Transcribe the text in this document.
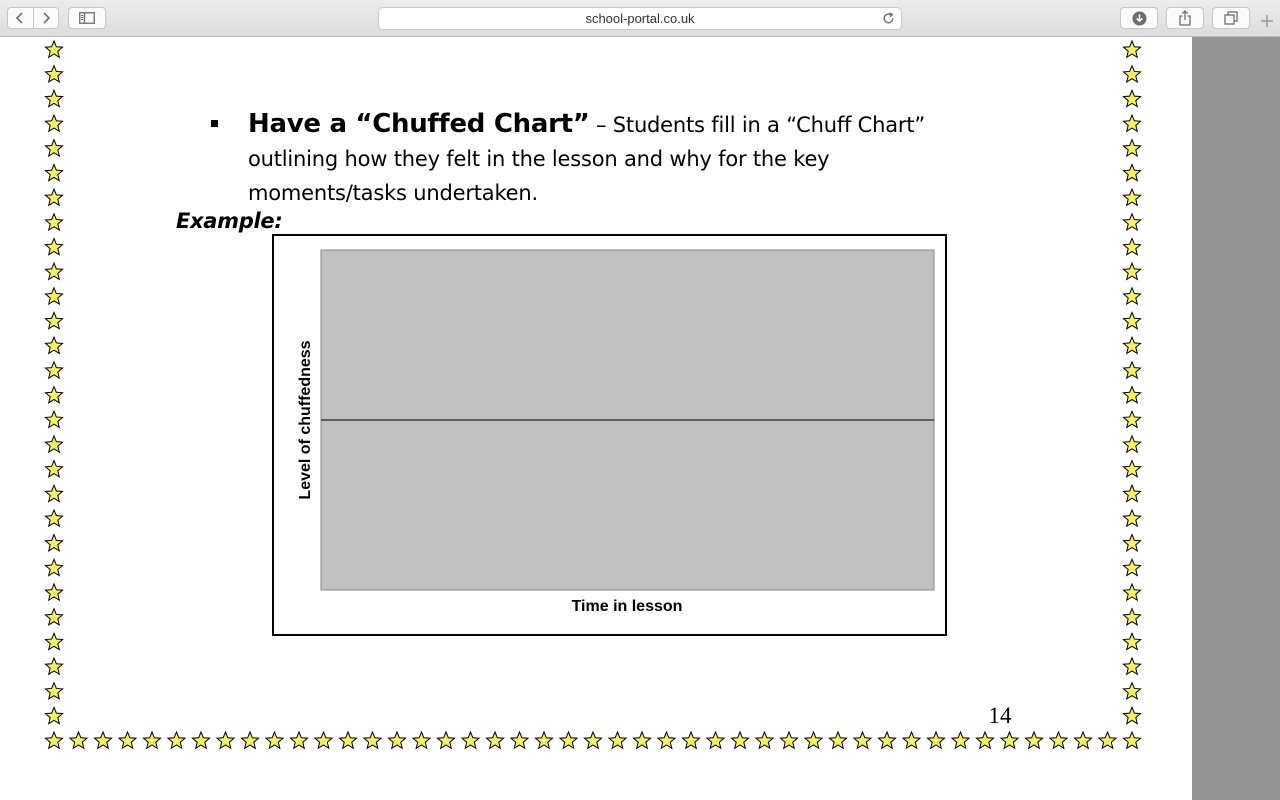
school-portal.co.uk
Have a “Chuffed Chart” – Students fill in a “Chuff Chart” outlining how they felt in the lesson and why for the key moments/tasks undertaken.
Example:
Level of chuffedness
Time in lesson
14
